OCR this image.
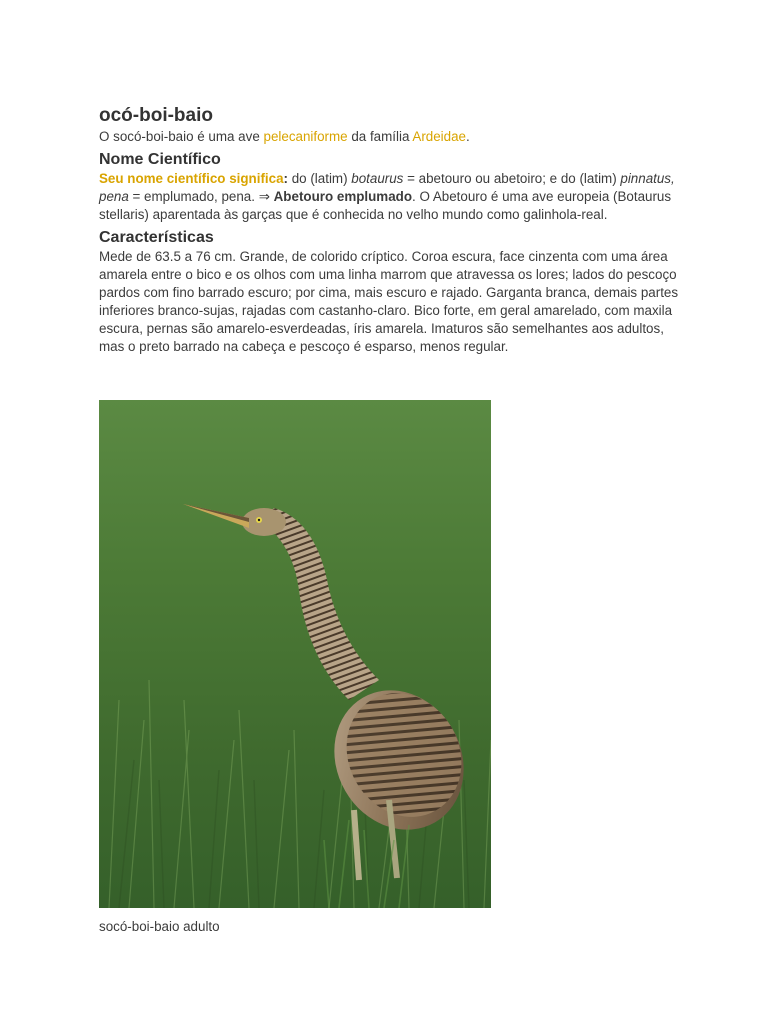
ocó-boi-baio

O socó-boi-baio é uma ave pelecaniforme da família Ardeidae.

Nome Científico

Seu nome científico significa: do (latim) botaurus = abetouro ou abetoiro; e do (latim) pinnatus, pena = emplumado, pena. ⇒ Abetouro emplumado. O Abetouro é uma ave europeia (Botaurus stellaris) aparentada às garças que é conhecida no velho mundo como galinhola-real.

Características

Mede de 63.5 a 76 cm. Grande, de colorido críptico. Coroa escura, face cinzenta com uma área amarela entre o bico e os olhos com uma linha marrom que atravessa os lores; lados do pescoço pardos com fino barrado escuro; por cima, mais escuro e rajado. Garganta branca, demais partes inferiores branco-sujas, rajadas com castanho-claro. Bico forte, em geral amarelado, com maxila escura, pernas são amarelo-esverdeadas, íris amarela. Imaturos são semelhantes aos adultos, mas o preto barrado na cabeça e pescoço é esparso, menos regular.

socó-boi-baio adulto
